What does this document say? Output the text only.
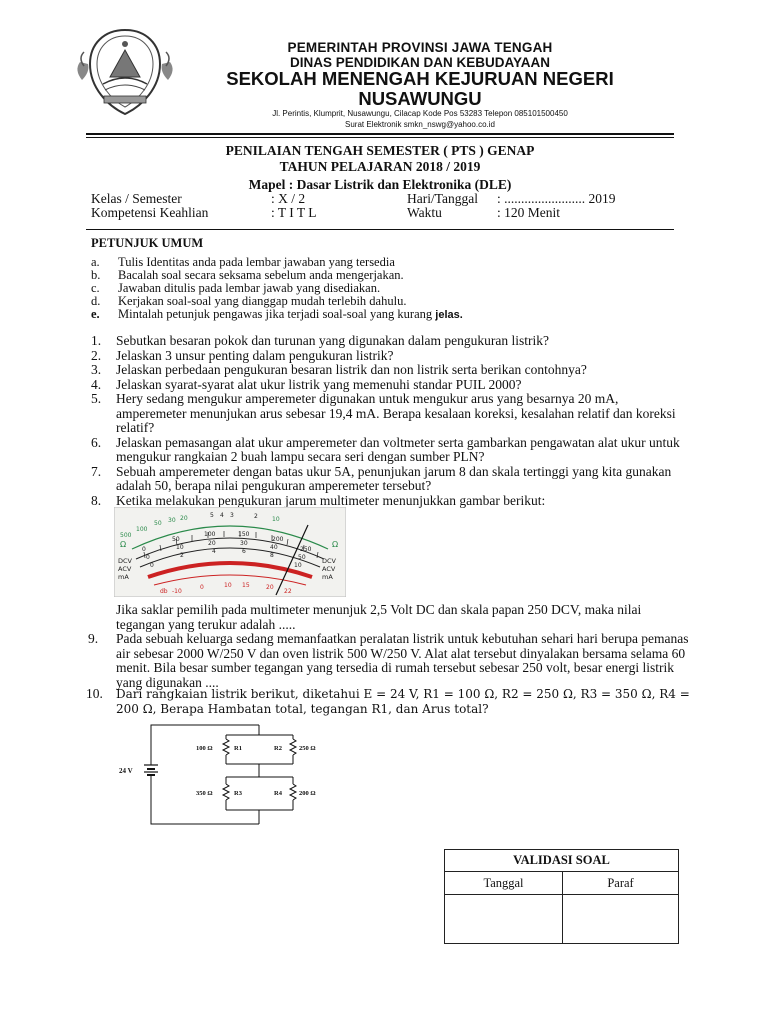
PEMERINTAH PROVINSI JAWA TENGAH
DINAS PENDIDIKAN DAN KEBUDAYAAN
SEKOLAH MENENGAH KEJURUAN NEGERI
NUSAWUNGU
Jl. Perintis, Klumprit, Nusawungu, Cilacap Kode Pos 53283 Telepon 085101500450
Surat Elektronik smkn_nswg@yahoo.co.id
PENILAIAN TENGAH SEMESTER ( PTS ) GENAP
TAHUN PELAJARAN 2018 / 2019
Mapel : Dasar Listrik dan Elektronika (DLE)
Kelas / Semester	: X / 2	Hari/Tanggal : ........................ 2019
Kompetensi Keahlian	: T I T L	Waktu	: 120 Menit
PETUNJUK UMUM
a. Tulis Identitas anda pada lembar jawaban yang tersedia
b. Bacalah soal secara seksama sebelum anda mengerjakan.
c. Jawaban ditulis pada lembar jawab yang disediakan.
d. Kerjakan soal-soal yang dianggap mudah terlebih dahulu.
e. Mintalah petunjuk pengawas jika terjadi soal-soal yang kurang jelas.
1. Sebutkan besaran pokok dan turunan yang digunakan dalam pengukuran listrik?
2. Jelaskan 3 unsur penting dalam pengukuran listrik?
3. Jelaskan perbedaan pengukuran besaran listrik dan non listrik serta berikan contohnya?
4. Jelaskan syarat-syarat alat ukur listrik yang memenuhi standar PUIL 2000?
5. Hery sedang mengukur amperemeter digunakan untuk mengukur arus yang besarnya 20 mA, amperemeter menunjukan arus sebesar 19,4 mA. Berapa kesalaan koreksi, kesalahan relatif dan koreksi relatif?
6. Jelaskan pemasangan alat ukur amperemeter dan voltmeter serta gambarkan pengawatan alat ukur untuk mengukur rangkaian 2 buah lampu secara seri dengan sumber PLN?
7. Sebuah amperemeter dengan batas ukur 5A, penunjukan jarum 8 dan skala tertinggi yang kita gunakan adalah 50, berapa nilai pengukuran amperemeter tersebut?
8. Ketika melakukan pengukuran jarum multimeter menunjukkan gambar berikut:
5 4 3	2
500
100
50 30 20	10
Ω	Ω
0
50
100	150
200
250
0
10
20	30
40
50
0
2
4	6
8
10
db -10
0	10 15	20
22
DCV
ACV
mA
DCV
ACV
mA
Jika saklar pemilih pada multimeter menunjuk 2,5 Volt DC dan skala papan 250 DCV, maka nilai tegangan yang terukur adalah .....
9. Pada sebuah keluarga sedang memanfaatkan peralatan listrik untuk kebutuhan sehari hari berupa pemanas air sebesar 2000 W/250 V dan oven listrik 500 W/250 V. Alat alat tersebut dinyalakan bersama selama 60 menit. Bila besar sumber tegangan yang tersedia di rumah tersebut sebesar 250 volt, besar energi listrik yang digunakan ....
10. Dari rangkaian listrik berikut, diketahui E = 24 V, R1 = 100 Ω, R2 = 250 Ω, R3 = 350 Ω, R4 = 200 Ω, Berapa Hambatan total, tegangan R1, dan Arus total?
24 V
100 Ω	R1	R2	250 Ω
350 Ω	R3	R4	200 Ω
VALIDASI SOAL	
Tanggal	Paraf
